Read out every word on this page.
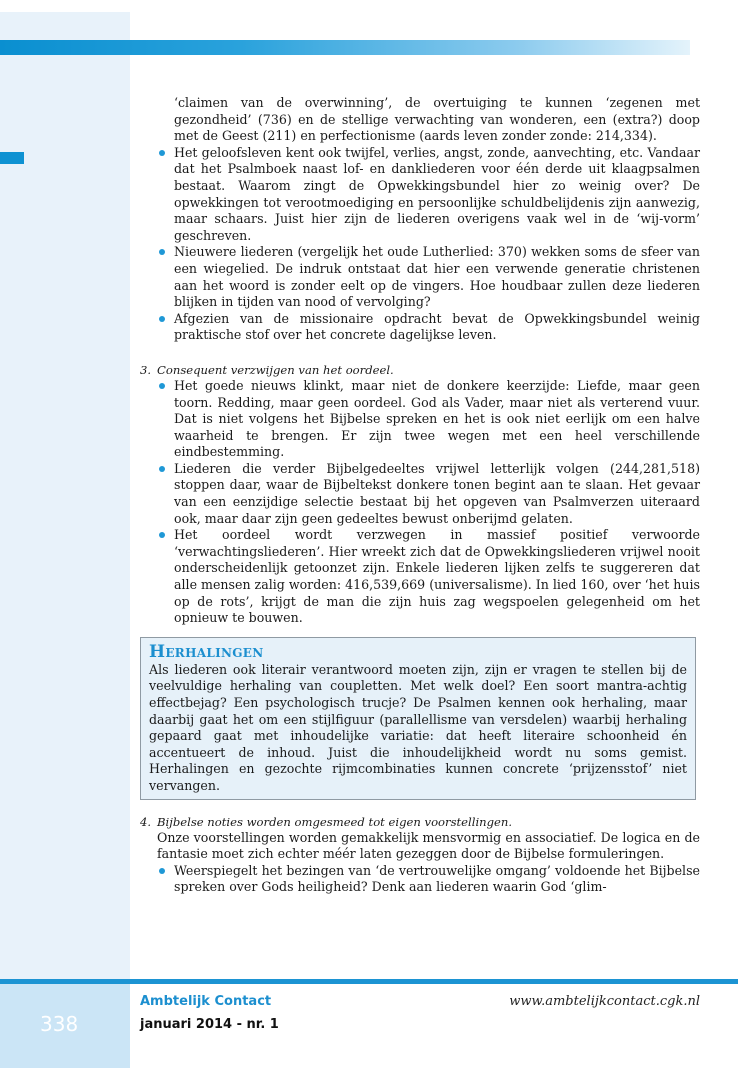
‘claimen van de overwinning’, de overtuiging te kunnen ‘zegenen met gezondheid’ (736) en de stellige verwachting van wonderen, een (extra?) doop met de Geest (211) en perfectionisme (aards leven zonder zonde: 214,334).

Het geloofsleven kent ook twijfel, verlies, angst, zonde, aanvechting, etc. Vandaar dat het Psalmboek naast lof- en dankliederen voor één derde uit klaagpsalmen bestaat. Waarom zingt de Opwekkingsbundel hier zo weinig over? De opwekkingen tot verootmoediging en persoonlijke schuldbelijdenis zijn aanwezig, maar schaars. Juist hier zijn de liederen overigens vaak wel in de ‘wij-vorm’ geschreven.
Nieuwere liederen (vergelijk het oude Lutherlied: 370) wekken soms de sfeer van een wiegelied. De indruk ontstaat dat hier een verwende generatie christenen aan het woord is zonder eelt op de vingers. Hoe houdbaar zullen deze liederen blijken in tijden van nood of vervolging?
Afgezien van de missionaire opdracht bevat de Opwekkingsbundel weinig praktische stof over het concrete dagelijkse leven.

3. Consequent verzwijgen van het oordeel.

Het goede nieuws klinkt, maar niet de donkere keerzijde: Liefde, maar geen toorn. Redding, maar geen oordeel. God als Vader, maar niet als verterend vuur. Dat is niet volgens het Bijbelse spreken en het is ook niet eerlijk om een halve waarheid te brengen. Er zijn twee wegen met een heel verschillende eindbestemming.
Liederen die verder Bijbelgedeeltes vrijwel letterlijk volgen (244,281,518) stoppen daar, waar de Bijbeltekst donkere tonen begint aan te slaan. Het gevaar van een eenzijdige selectie bestaat bij het opgeven van Psalmverzen uiteraard ook, maar daar zijn geen gedeeltes bewust onberijmd gelaten.
Het oordeel wordt verzwegen in massief positief verwoorde ‘verwachtingsliederen’. Hier wreekt zich dat de Opwekkingsliederen vrijwel nooit onderscheidenlijk getoonzet zijn. Enkele liederen lijken zelfs te suggereren dat alle mensen zalig worden: 416,539,669 (universalisme). In lied 160, over ‘het huis op de rots’, krijgt de man die zijn huis zag wegspoelen gelegenheid om het opnieuw te bouwen.

Herhalingen

Als liederen ook literair verantwoord moeten zijn, zijn er vragen te stellen bij de veelvuldige herhaling van coupletten. Met welk doel? Een soort mantra-achtig effectbejag? Een psychologisch trucje? De Psalmen kennen ook herhaling, maar daarbij gaat het om een stijlfiguur (parallellisme van versdelen) waarbij herhaling gepaard gaat met inhoudelijke variatie: dat heeft literaire schoonheid én accentueert de inhoud. Juist die inhoudelijkheid wordt nu soms gemist. Herhalingen en gezochte rijmcombinaties kunnen concrete ‘prijzensstof’ niet vervangen.

4. Bijbelse noties worden omgesmeed tot eigen voorstellingen.

Onze voorstellingen worden gemakkelijk mensvormig en associatief. De logica en de fantasie moet zich echter méér laten gezeggen door de Bijbelse formuleringen.

Weerspiegelt het bezingen van ‘de vertrouwelijke omgang’ voldoende het Bijbelse spreken over Gods heiligheid? Denk aan liederen waarin God ‘glim-
338
Ambtelijk Contact
januari 2014 - nr. 1
www.ambtelijkcontact.cgk.nl
